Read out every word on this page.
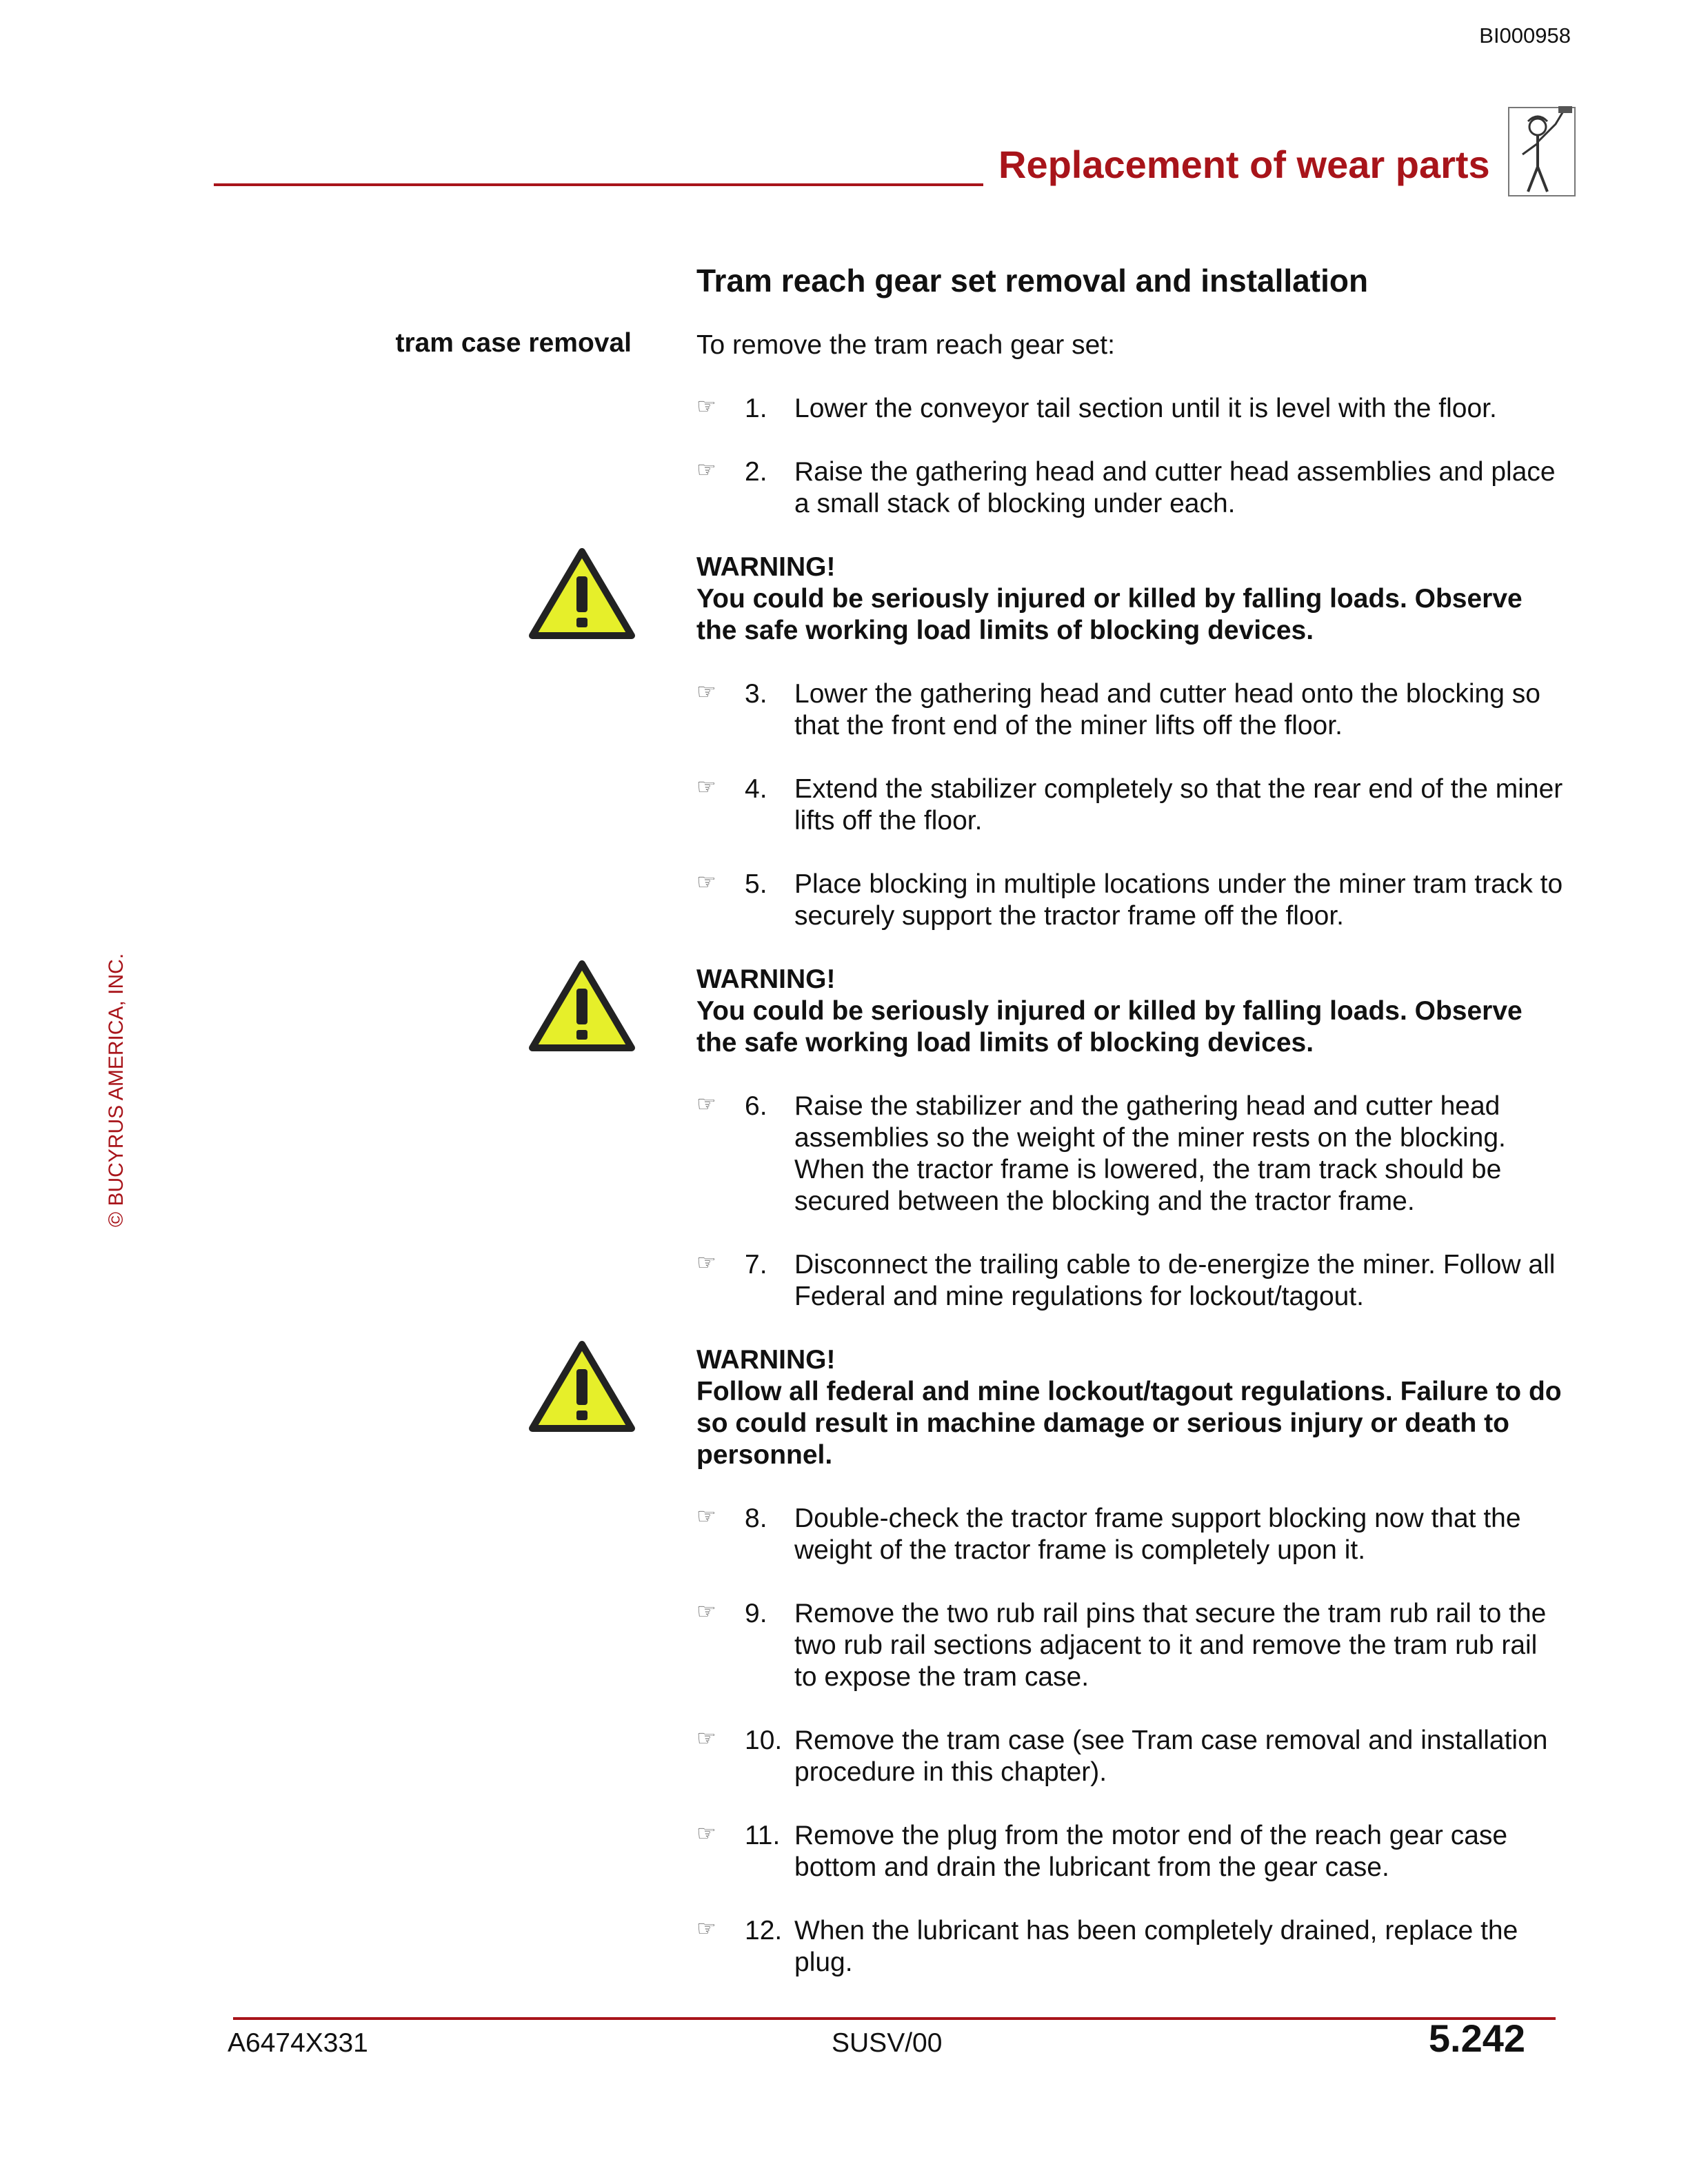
BI000958
Replacement of wear parts
© BUCYRUS AMERICA, INC.
Tram reach gear set removal and installation
tram case removal To remove the tram reach gear set:

☞ 1. Lower the conveyor tail section until it is level with the floor.
☞ 2. Raise the gathering head and cutter head assemblies and place a small stack of blocking under each.
WARNING!
You could be seriously injured or killed by falling loads. Observe the safe working load limits of blocking devices.
☞ 3. Lower the gathering head and cutter head onto the blocking so that the front end of the miner lifts off the floor.
☞ 4. Extend the stabilizer completely so that the rear end of the miner lifts off the floor.
☞ 5. Place blocking in multiple locations under the miner tram track to securely support the tractor frame off the floor.
WARNING!
You could be seriously injured or killed by falling loads. Observe the safe working load limits of blocking devices.
☞ 6. Raise the stabilizer and the gathering head and cutter head assemblies so the weight of the miner rests on the blocking. When the tractor frame is lowered, the tram track should be secured between the blocking and the tractor frame.
☞ 7. Disconnect the trailing cable to de-energize the miner. Follow all Federal and mine regulations for lockout/tagout.
WARNING!
Follow all federal and mine lockout/tagout regulations. Failure to do so could result in machine damage or serious injury or death to personnel.
☞ 8. Double-check the tractor frame support blocking now that the weight of the tractor frame is completely upon it.
☞ 9. Remove the two rub rail pins that secure the tram rub rail to the two rub rail sections adjacent to it and remove the tram rub rail to expose the tram case.
☞ 10. Remove the tram case (see Tram case removal and installation procedure in this chapter).
☞ 11. Remove the plug from the motor end of the reach gear case bottom and drain the lubricant from the gear case.
☞ 12. When the lubricant has been completely drained, replace the plug.
A6474X331	SUSV/00	5.242
